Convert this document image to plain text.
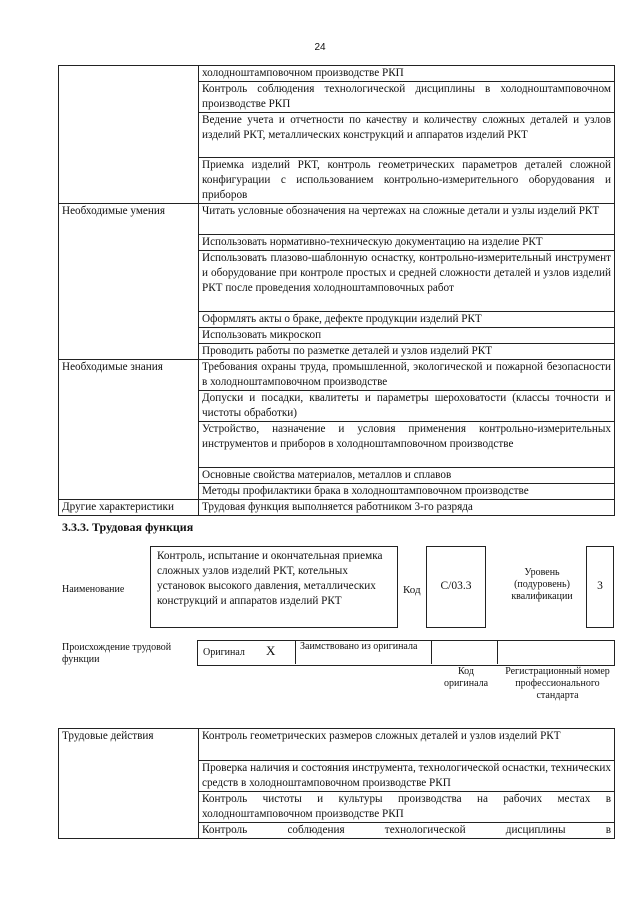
24
	холодноштамповочном производстве РКП
	Контроль соблюдения технологической дисциплины в холодноштамповочном производстве РКП
	Ведение учета и отчетности по качеству и количеству сложных деталей и узлов изделий РКТ, металлических конструкций и аппаратов изделий РКТ
	Приемка изделий РКТ, контроль геометрических параметров деталей сложной конфигурации с использованием контрольно-измерительного оборудования и приборов
Необходимые умения	Читать условные обозначения на чертежах на сложные детали и узлы изделий РКТ
	Использовать нормативно-техническую документацию на изделие РКТ
	Использовать плазово-шаблонную оснастку, контрольно-измерительный инструмент и оборудование при контроле простых и средней сложности деталей и узлов изделий РКТ после проведения холодноштамповочных работ
	Оформлять акты о браке, дефекте продукции изделий РКТ
	Использовать микроскоп
	Проводить работы по разметке деталей и узлов изделий РКТ
Необходимые знания	Требования охраны труда, промышленной, экологической и пожарной безопасности в холодноштамповочном производстве
	Допуски и посадки, квалитеты и параметры шероховатости (классы точности и чистоты обработки)
	Устройство, назначение и условия применения контрольно-измерительных инструментов и приборов в холодноштамповочном производстве
	Основные свойства материалов, металлов и сплавов
	Методы профилактики брака в холодноштамповочном производстве
Другие характеристики	Трудовая функция выполняется работником 3-го разряда
3.3.3. Трудовая функция
Наименование
Контроль, испытание и окончательная приемка сложных узлов изделий РКТ, котельных установок высокого давления, металлических конструкций и аппаратов изделий РКТ
Код	С/03.3
Уровень (подуровень) квалификации
3
Происхождение трудовой функции
Оригинал X Заимствовано из оригинала
Код оригинала
Регистрационный номер профессионального стандарта
Трудовые действия	Контроль геометрических размеров сложных деталей и узлов изделий РКТ
Проверка наличия и состояния инструмента, технологической оснастки, технических средств в холодноштамповочном производстве РКП
Контроль чистоты и культуры производства на рабочих местах в холодноштамповочном производстве РКП
Контроль соблюдения технологической дисциплины в
